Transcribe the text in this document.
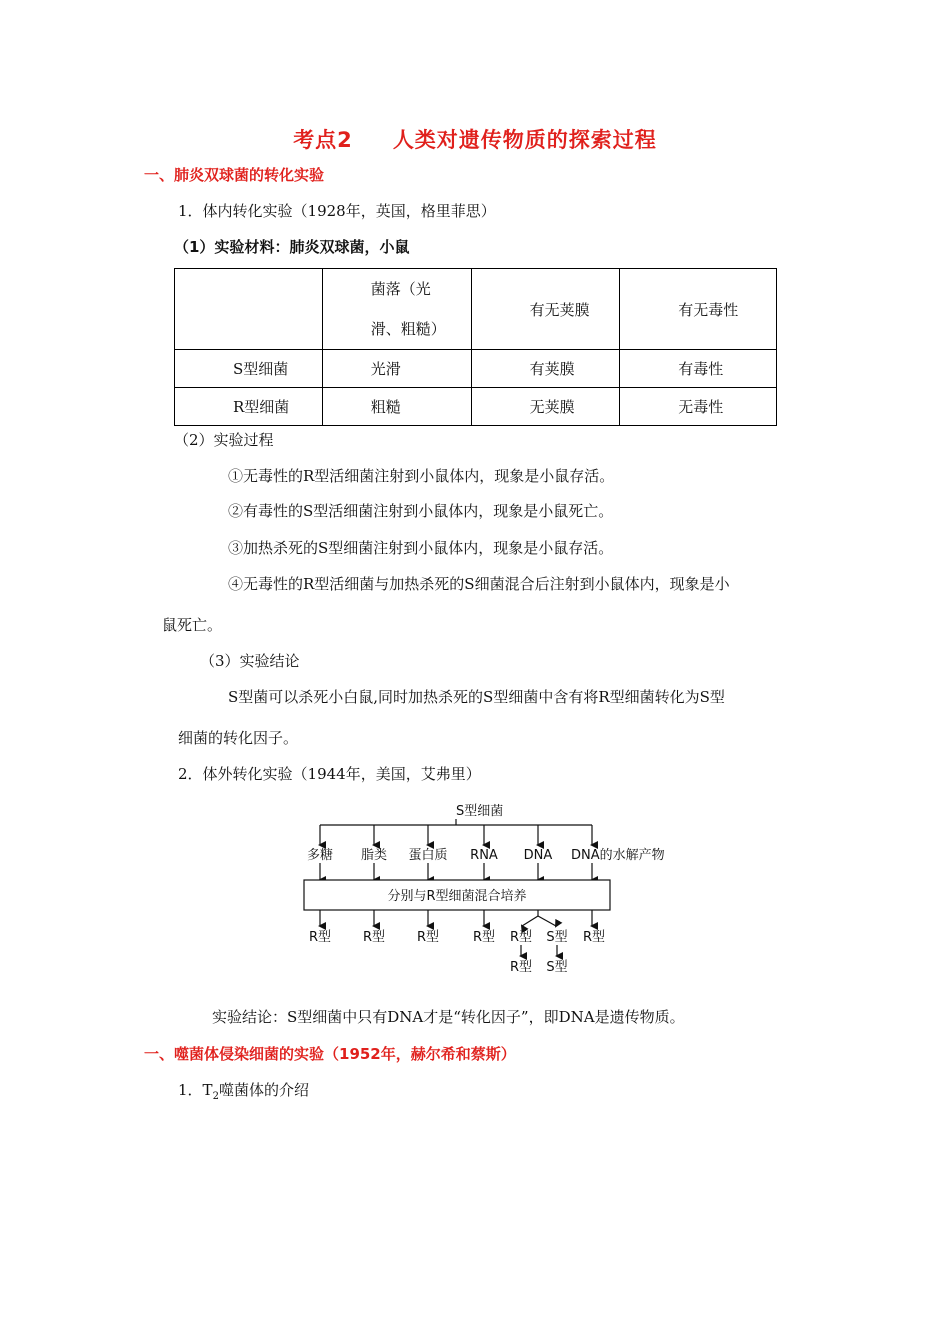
考点2 人类对遗传物质的探索过程
一、肺炎双球菌的转化实验
1．体内转化实验（1928年，英国，格里菲思）
（1）实验材料：肺炎双球菌，小鼠

	菌落（光滑、粗糙）	有无荚膜	有无毒性
S型细菌	光滑	有荚膜	有毒性
R型细菌	粗糙	无荚膜	无毒性
（2）实验过程
①无毒性的R型活细菌注射到小鼠体内，现象是小鼠存活。
②有毒性的S型活细菌注射到小鼠体内，现象是小鼠死亡。
③加热杀死的S型细菌注射到小鼠体内，现象是小鼠存活。
④无毒性的R型活细菌与加热杀死的S细菌混合后注射到小鼠体内，现象是小
鼠死亡。
（3）实验结论
S型菌可以杀死小白鼠,同时加热杀死的S型细菌中含有将R型细菌转化为S型
细菌的转化因子。
2．体外转化实验（1944年，美国，艾弗里）
S型细菌
多糖 脂类 蛋白质 RNA DNA DNA的水解产物
分别与R型细菌混合培养
R型 R型 R型	R型 R型 S型 R型
R型 S型
实验结论：S型细菌中只有DNA才是“转化因子”，即DNA是遗传物质。
一、噬菌体侵染细菌的实验（1952年，赫尔希和蔡斯）
1．$T_2$噬菌体的介绍
